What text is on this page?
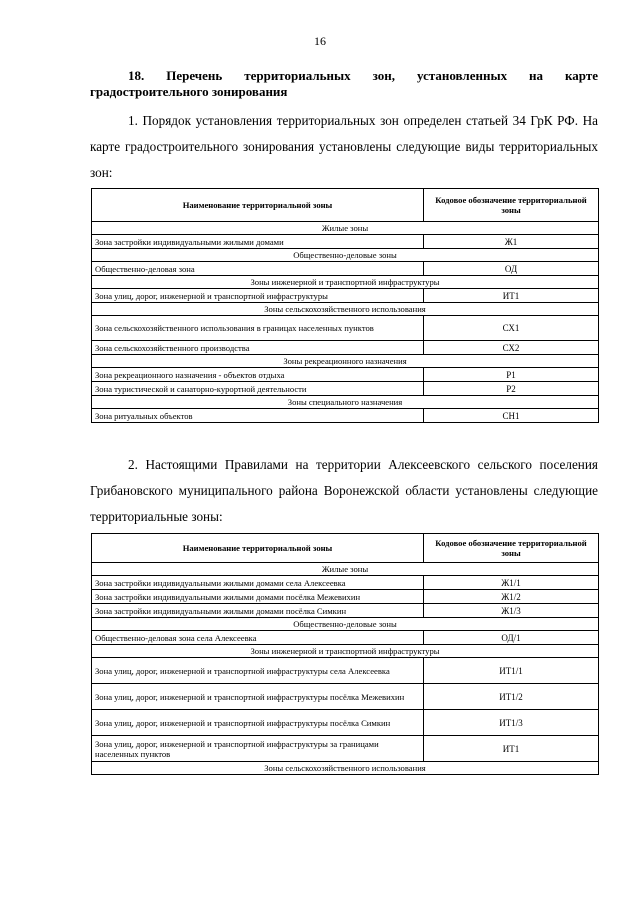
16
18. Перечень территориальных зон, установленных на карте градостроительного зонирования
1. Порядок установления территориальных зон определен статьей 34 ГрК РФ. На карте градостроительного зонирования установлены следующие виды территориальных зон:
Наименование территориальной зоны	Кодовое обозначение территориальной зоны
Жилые зоны	
Зона застройки индивидуальными жилыми домами	Ж1
Общественно-деловые зоны	
Общественно-деловая зона	ОД
Зоны инженерной и транспортной инфраструктуры	
Зона улиц, дорог, инженерной и транспортной инфраструктуры	ИТ1
Зоны сельскохозяйственного использования	
Зона сельскохозяйственного использования в границах населенных пунктов	СХ1
Зона сельскохозяйственного производства	СХ2
Зоны рекреационного назначения	
Зона рекреационного назначения - объектов отдыха	Р1
Зона туристической и санаторно-курортной деятельности	Р2
Зоны специального назначения	
Зона ритуальных объектов	СН1
2. Настоящими Правилами на территории Алексеевского сельского поселения Грибановского муниципального района Воронежской области установлены следующие территориальные зоны:
Наименование территориальной зоны	Кодовое обозначение территориальной зоны
Жилые зоны	
Зона застройки индивидуальными жилыми домами села Алексеевка	Ж1/1
Зона застройки индивидуальными жилыми домами посёлка Межевихин	Ж1/2
Зона застройки индивидуальными жилыми домами посёлка Симкин	Ж1/3
Общественно-деловые зоны	
Общественно-деловая зона села Алексеевка	ОД/1
Зоны инженерной и транспортной инфраструктуры	
Зона улиц, дорог, инженерной и транспортной инфраструктуры села Алексеевка	ИТ1/1
Зона улиц, дорог, инженерной и транспортной инфраструктуры посёлка Межевихин	ИТ1/2
Зона улиц, дорог, инженерной и транспортной инфраструктуры посёлка Симкин	ИТ1/3
Зона улиц, дорог, инженерной и транспортной инфраструктуры за границами населенных пунктов	ИТ1
Зоны сельскохозяйственного использования	
